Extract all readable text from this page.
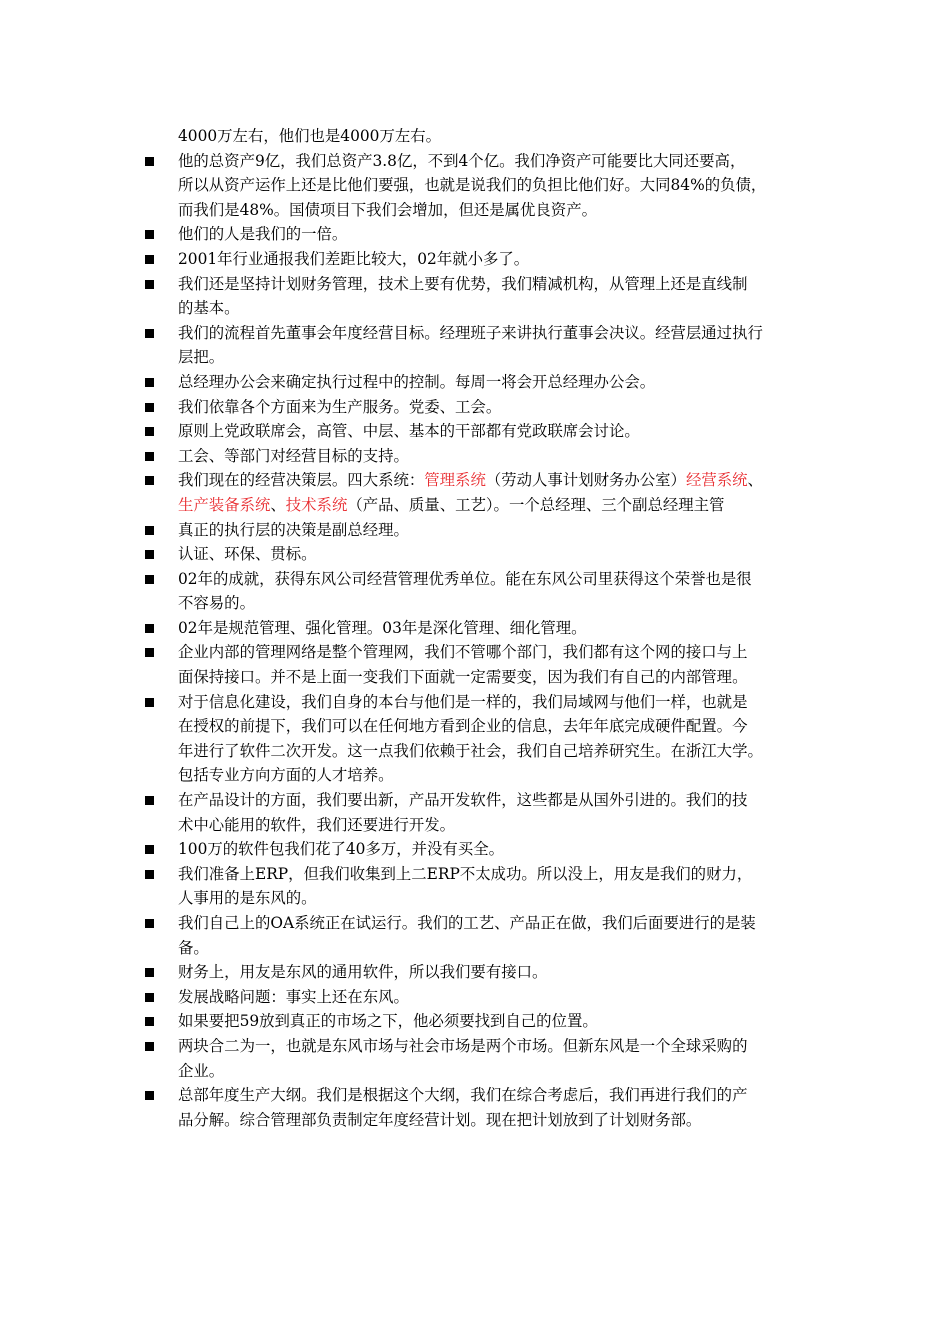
4000万左右，他们也是4000万左右。
他的总资产9亿，我们总资产3.8亿，不到4个亿。我们净资产可能要比大同还要高，
所以从资产运作上还是比他们要强，也就是说我们的负担比他们好。大同84%的负债，
而我们是48%。国债项目下我们会增加，但还是属优良资产。
他们的人是我们的一倍。
2001年行业通报我们差距比较大，02年就小多了。
我们还是坚持计划财务管理，技术上要有优势，我们精减机构，从管理上还是直线制
的基本。
我们的流程首先董事会年度经营目标。经理班子来讲执行董事会决议。经营层通过执行
层把。
总经理办公会来确定执行过程中的控制。每周一将会开总经理办公会。
我们依靠各个方面来为生产服务。党委、工会。
原则上党政联席会，高管、中层、基本的干部都有党政联席会讨论。
工会、等部门对经营目标的支持。
我们现在的经营决策层。四大系统：管理系统（劳动人事计划财务办公室）经营系统、
生产装备系统、技术系统（产品、质量、工艺）。一个总经理、三个副总经理主管
真正的执行层的决策是副总经理。
认证、环保、贯标。
02年的成就，获得东风公司经营管理优秀单位。能在东风公司里获得这个荣誉也是很
不容易的。
02年是规范管理、强化管理。03年是深化管理、细化管理。
企业内部的管理网络是整个管理网，我们不管哪个部门，我们都有这个网的接口与上
面保持接口。并不是上面一变我们下面就一定需要变，因为我们有自己的内部管理。
对于信息化建设，我们自身的本台与他们是一样的，我们局域网与他们一样，也就是
在授权的前提下，我们可以在任何地方看到企业的信息，去年年底完成硬件配置。今
年进行了软件二次开发。这一点我们依赖于社会，我们自己培养研究生。在浙江大学。
包括专业方向方面的人才培养。
在产品设计的方面，我们要出新，产品开发软件，这些都是从国外引进的。我们的技
术中心能用的软件，我们还要进行开发。
100万的软件包我们花了40多万，并没有买全。
我们准备上ERP，但我们收集到上二ERP不太成功。所以没上，用友是我们的财力，
人事用的是东风的。
我们自己上的OA系统正在试运行。我们的工艺、产品正在做，我们后面要进行的是装
备。
财务上，用友是东风的通用软件，所以我们要有接口。
发展战略问题：事实上还在东风。
如果要把59放到真正的市场之下，他必须要找到自己的位置。
两块合二为一，也就是东风市场与社会市场是两个市场。但新东风是一个全球采购的
企业。
总部年度生产大纲。我们是根据这个大纲，我们在综合考虑后，我们再进行我们的产
品分解。综合管理部负责制定年度经营计划。现在把计划放到了计划财务部。
